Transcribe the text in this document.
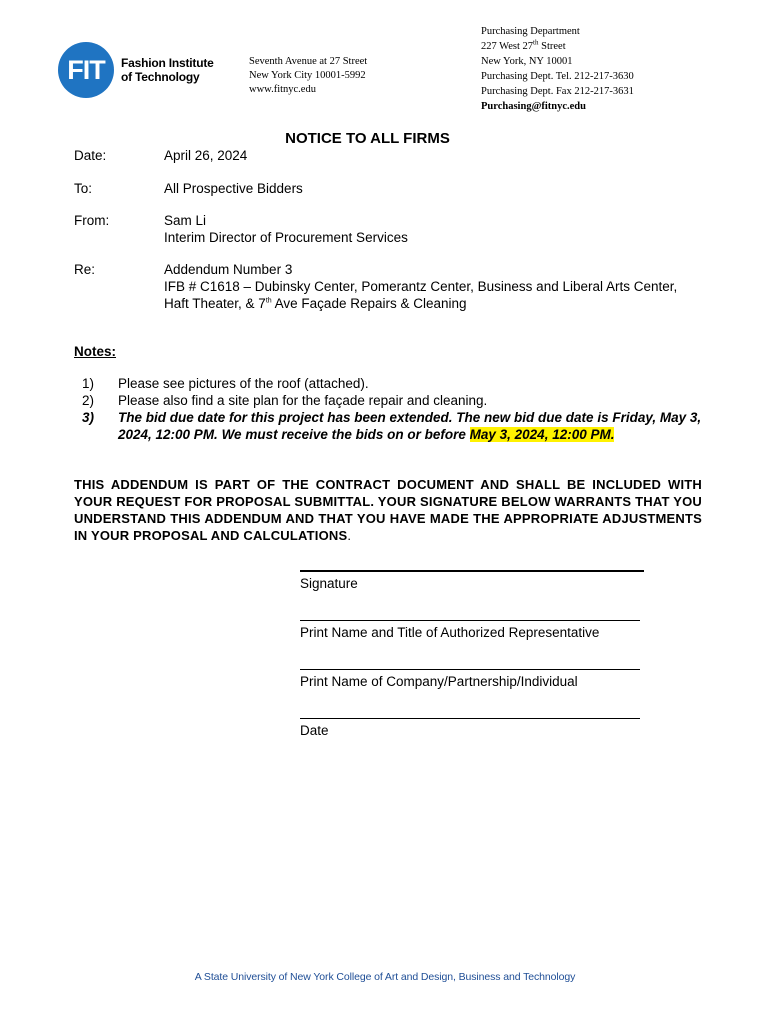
FIT	Fashion Institute
of Technology
Seventh Avenue at 27 Street
New York City 10001-5992
www.fitnyc.edu
Purchasing Department
227 West 27th Street
New York, NY 10001
Purchasing Dept. Tel. 212-217-3630
Purchasing Dept. Fax 212-217-3631
Purchasing@fitnyc.edu
NOTICE TO ALL FIRMS
Date:	April 26, 2024
To:	All Prospective Bidders
From:	Sam Li
Interim Director of Procurement Services
Re:	Addendum Number 3
IFB # C1618 – Dubinsky Center, Pomerantz Center, Business and Liberal Arts Center,
Haft Theater, & 7th Ave Façade Repairs & Cleaning
Notes:
1)	Please see pictures of the roof (attached).
2)	Please also find a site plan for the façade repair and cleaning.
3)	The bid due date for this project has been extended. The new bid due date is Friday, May 3, 2024, 12:00 PM. We must receive the bids on or before May 3, 2024, 12:00 PM.
THIS ADDENDUM IS PART OF THE CONTRACT DOCUMENT AND SHALL BE INCLUDED WITH YOUR REQUEST FOR PROPOSAL SUBMITTAL. YOUR SIGNATURE BELOW WARRANTS THAT YOU UNDERSTAND THIS ADDENDUM AND THAT YOU HAVE MADE THE APPROPRIATE ADJUSTMENTS IN YOUR PROPOSAL AND CALCULATIONS.
Signature
Print Name and Title of Authorized Representative
Print Name of Company/Partnership/Individual
Date
A State University of New York College of Art and Design, Business and Technology
